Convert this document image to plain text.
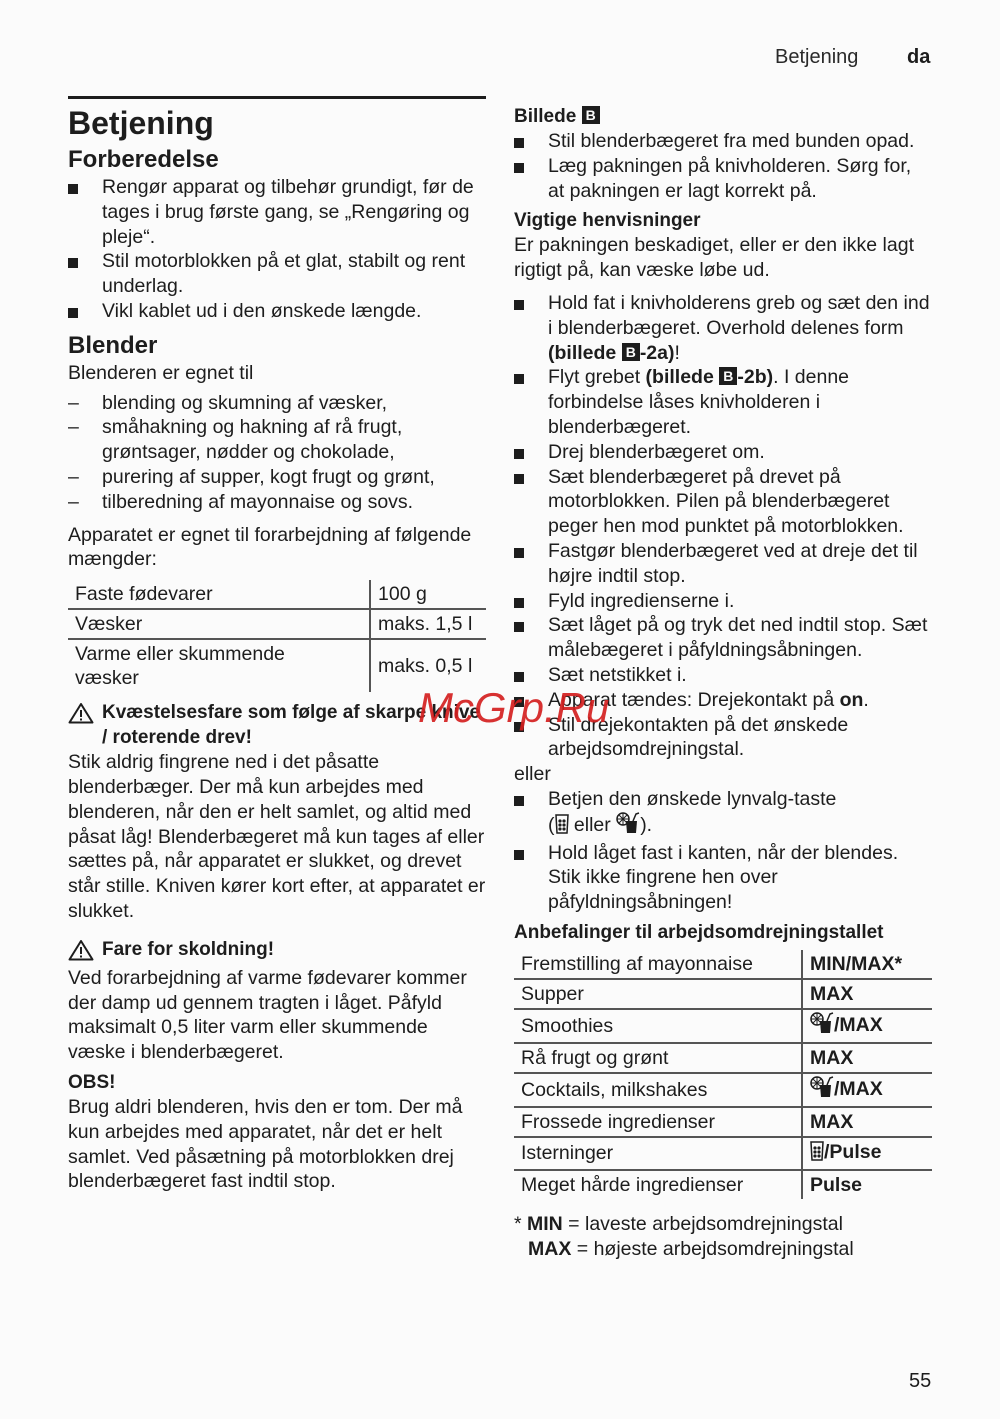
Betjening da
Betjening
Forberedelse
Rengør apparat og tilbehør grundigt, før de tages i brug første gang, se „Rengøring og pleje“.
Stil motorblokken på et glat, stabilt og rent underlag.
Vikl kablet ud i den ønskede længde.
Blender

Blenderen er egnet til

–	blending og skumning af væsker,
–	småhakning og hakning af rå frugt, grøntsager, nødder og chokolade,
–	purering af supper, kogt frugt og grønt,
–	tilberedning af mayonnaise og sovs.

Apparatet er egnet til forarbejdning af følgende mængder:

Faste fødevarer	100 g
Væsker	maks. 1,5 l
Varme eller skummende væsker	maks. 0,5 l
Kvæstelsesfare som følge af skarpe knive / roterende drev!

Stik aldrig fingrene ned i det påsatte blenderbæger. Der må kun arbejdes med blenderen, når den er helt samlet, og altid med påsat låg! Blenderbægeret må kun tages af eller sættes på, når apparatet er slukket, og drevet står stille. Kniven kører kort efter, at apparatet er slukket.

Fare for skoldning!

Ved forarbejdning af varme fødevarer kommer der damp ud gennem tragten i låget. Påfyld maksimalt 0,5 liter varm eller skummende væske i blenderbægeret.

OBS!

Brug aldri blenderen, hvis den er tom. Der må kun arbejdes med apparatet, når det er helt samlet. Ved påsætning på motorblokken drej blenderbægeret fast indtil stop.

Billede B
Stil blenderbægeret fra med bunden opad.
Læg pakningen på knivholderen. Sørg for, at pakningen er lagt korrekt på.
Vigtige henvisninger

Er pakningen beskadiget, eller er den ikke lagt rigtigt på, kan væske løbe ud.

Hold fat i knivholderens greb og sæt den ind i blenderbægeret. Overhold delenes form (billede B -2a)!
Flyt grebet (billede B -2b). I denne forbindelse låses knivholderen i blenderbægeret.
Drej blenderbægeret om.
Sæt blenderbægeret på drevet på motorblokken. Pilen på blenderbægeret peger hen mod punktet på motorblokken.
Fastgør blenderbægeret ved at dreje det til højre indtil stop.
Fyld ingredienserne i.
Sæt låget på og tryk det ned indtil stop. Sæt målebægeret i påfyldningsåbningen.
Sæt netstikket i.
Apparat tændes: Drejekontakt på on.
Stil drejekontakten på det ønskede arbejdsomdrejningstal.

eller

Betjen den ønskede lynvalg-taste
( eller ).
Hold låget fast i kanten, når der blendes. Stik ikke fingrene hen over påfyldningsåbningen!
Anbefalinger til arbejdsomdrejningstallet
Fremstilling af mayonnaise	MIN/MAX*
Supper	MAX
Smoothies	/MAX
Rå frugt og grønt	MAX
Cocktails, milkshakes	/MAX
Frossede ingredienser	MAX
Isterninger	/Pulse
Meget hårde ingredienser	Pulse

* MIN = laveste arbejdsomdrejningstal

MAX = højeste arbejdsomdrejningstal

McGrp.Ru
55
